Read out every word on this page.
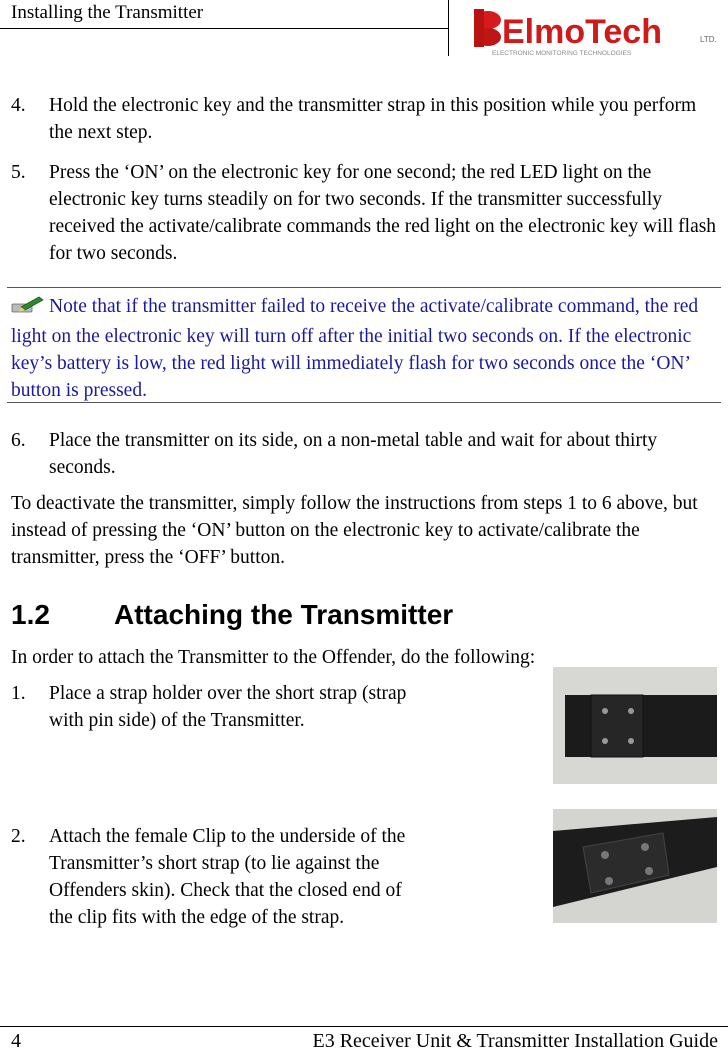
Installing the Transmitter
ElmoTech	LTD.
ELECTRONIC MONITORING TECHNOLOGIES
4.	Hold the electronic key and the transmitter strap in this position while you perform the next step.
5.	Press the ‘ON’ on the electronic key for one second; the red LED light on the electronic key turns steadily on for two seconds. If the transmitter successfully received the activate/calibrate commands the red light on the electronic key will flash for two seconds.
Note that if the transmitter failed to receive the activate/calibrate command, the red light on the electronic key will turn off after the initial two seconds on. If the electronic key’s battery is low, the red light will immediately flash for two seconds once the ‘ON’ button is pressed.
6.	Place the transmitter on its side, on a non-metal table and wait for about thirty seconds.
To deactivate the transmitter, simply follow the instructions from steps 1 to 6 above, but instead of pressing the ‘ON’ button on the electronic key to activate/calibrate the transmitter, press the ‘OFF’ button.
1.2 Attaching the Transmitter
In order to attach the Transmitter to the Offender, do the following:
1.	Place a strap holder over the short strap (strap with pin side) of the Transmitter.
2.	Attach the female Clip to the underside of the Transmitter’s short strap (to lie against the Offenders skin). Check that the closed end of the clip fits with the edge of the strap.
4	E3 Receiver Unit & Transmitter Installation Guide
